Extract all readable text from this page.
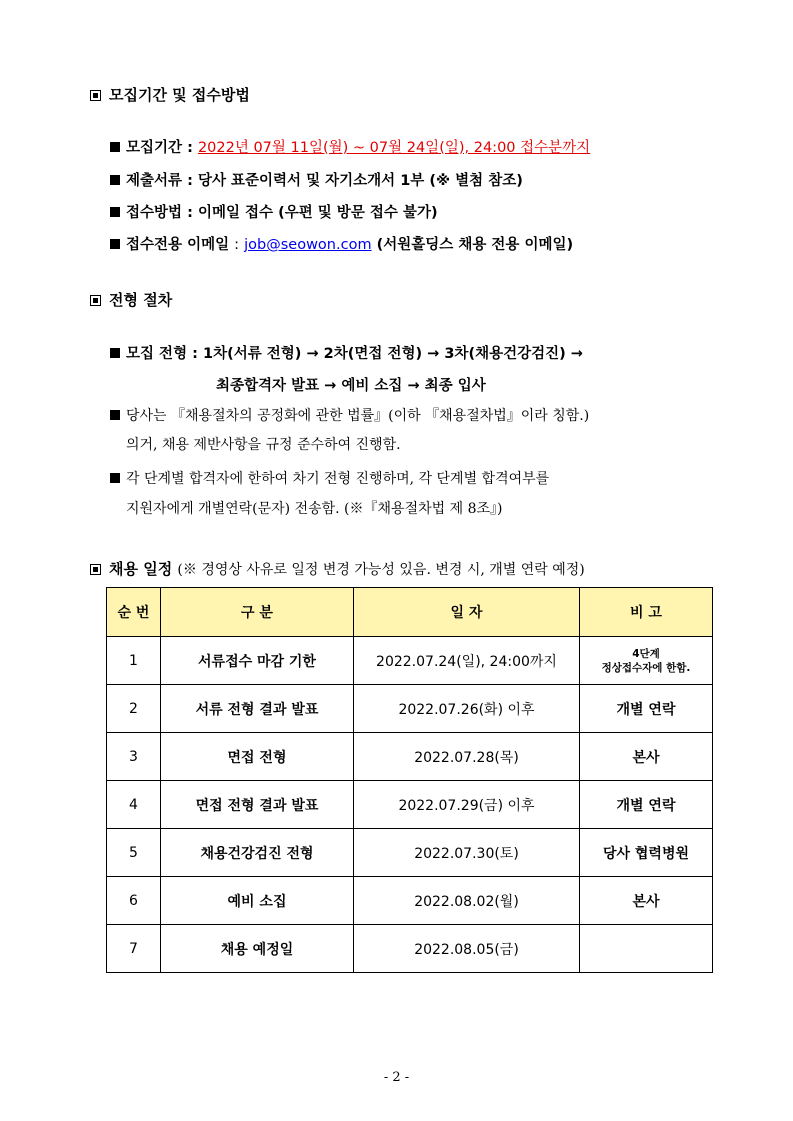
모집기간 및 접수방법
모집기간 : 2022년 07월 11일(월) ~ 07월 24일(일), 24:00 접수분까지
제출서류 : 당사 표준이력서 및 자기소개서 1부 (※ 별첨 참조)
접수방법 : 이메일 접수 (우편 및 방문 접수 불가)
접수전용 이메일 : job@seowon.com (서원홀딩스 채용 전용 이메일)
전형 절차
모집 전형 : 1차(서류 전형) → 2차(면접 전형) → 3차(채용건강검진) →
최종합격자 발표 → 예비 소집 → 최종 입사
당사는 『채용절차의 공정화에 관한 법률』(이하 『채용절차법』이라 칭함.)
의거, 채용 제반사항을 규정 준수하여 진행함.
각 단계별 합격자에 한하여 차기 전형 진행하며, 각 단계별 합격여부를
지원자에게 개별연락(문자) 전송함. (※『채용절차법 제 8조』)
채용 일정 (※ 경영상 사유로 일정 변경 가능성 있음. 변경 시, 개별 연락 예정)
순 번	구 분	일 자	비 고
1	서류접수 마감 기한	2022.07.24(일), 24:00까지	4단계
정상접수자에 한함.

2	서류 전형 결과 발표	2022.07.26(화) 이후	개별 연락
3	면접 전형	2022.07.28(목)	본사
4	면접 전형 결과 발표	2022.07.29(금) 이후	개별 연락
5	채용건강검진 전형	2022.07.30(토)	당사 협력병원
6	예비 소집	2022.08.02(월)	본사
7	채용 예정일	2022.08.05(금)	
- 2 -
